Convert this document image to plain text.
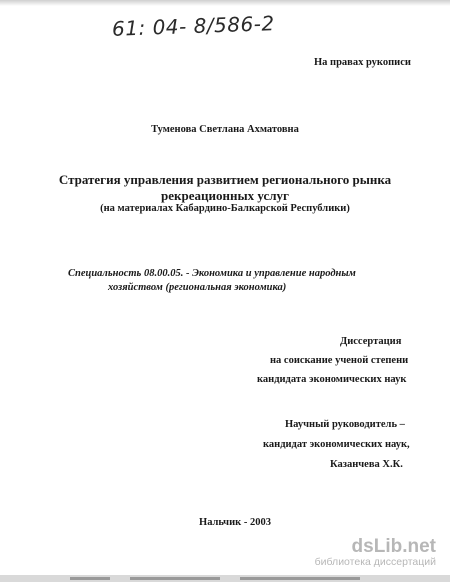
61: 04- 8/586-2
На правах рукописи
Туменова Светлана Ахматовна
Стратегия управления развитием регионального рынка
рекреационных услуг
(на материалах Кабардино-Балкарской Республики)
Специальность 08.00.05. - Экономика и управление народным
хозяйством (региональная экономика)
Диссертация
на соискание ученой степени
кандидата экономических наук
Научный руководитель –
кандидат экономических наук,
Казанчева Х.К.
Нальчик - 2003
dsLib.net
библиотека диссертаций
